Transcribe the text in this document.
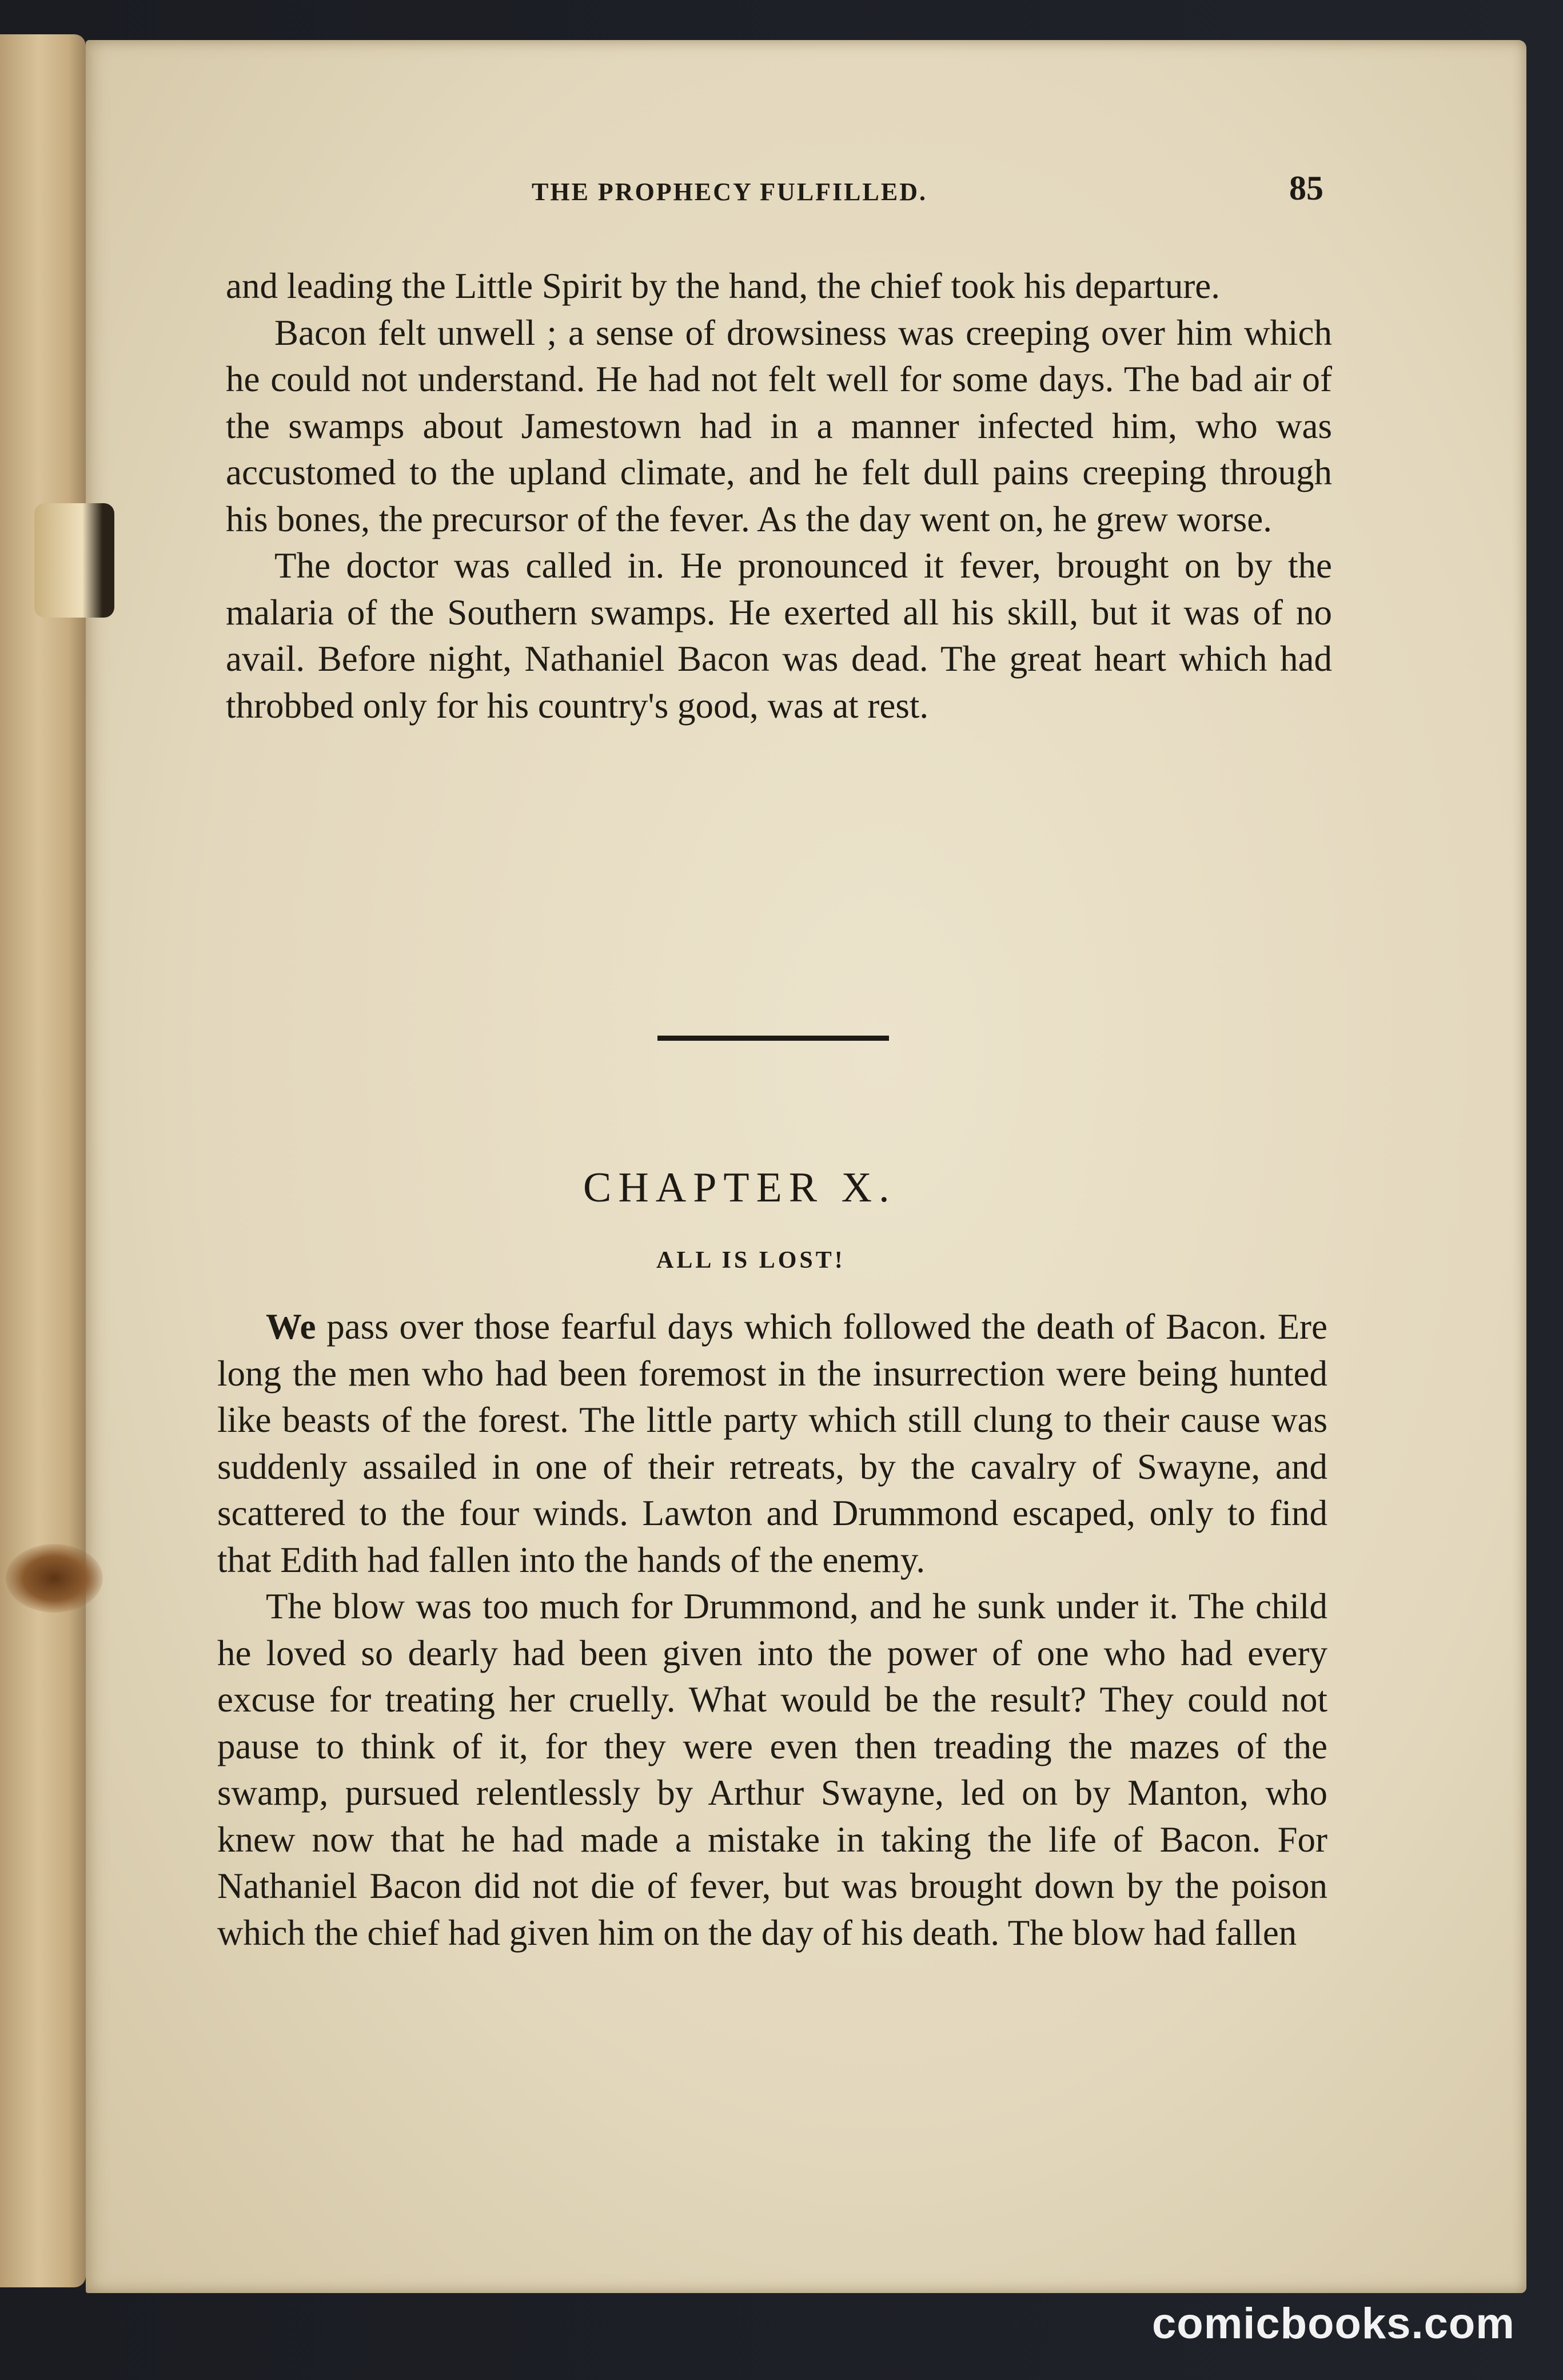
THE PROPHECY FULFILLED.	85

and leading the Little Spirit by the hand, the chief took his departure.

Bacon felt unwell ; a sense of drowsiness was creeping over him which he could not understand. He had not felt well for some days. The bad air of the swamps about Jamestown had in a manner infected him, who was accustomed to the upland climate, and he felt dull pains creeping through his bones, the precursor of the fever. As the day went on, he grew worse.

The doctor was called in. He pronounced it fever, brought on by the malaria of the Southern swamps. He exerted all his skill, but it was of no avail. Before night, Nathaniel Bacon was dead. The great heart which had throbbed only for his country's good, was at rest.

CHAPTER X.
ALL IS LOST!

We pass over those fearful days which followed the death of Bacon. Ere long the men who had been foremost in the insurrection were being hunted like beasts of the forest. The little party which still clung to their cause was suddenly assailed in one of their retreats, by the cavalry of Swayne, and scattered to the four winds. Lawton and Drummond escaped, only to find that Edith had fallen into the hands of the enemy.

The blow was too much for Drummond, and he sunk under it. The child he loved so dearly had been given into the power of one who had every excuse for treating her cruelly. What would be the result? They could not pause to think of it, for they were even then treading the mazes of the swamp, pursued relentlessly by Arthur Swayne, led on by Manton, who knew now that he had made a mistake in taking the life of Bacon. For Nathaniel Bacon did not die of fever, but was brought down by the poison which the chief had given him on the day of his death. The blow had fallen

comicbooks.com
